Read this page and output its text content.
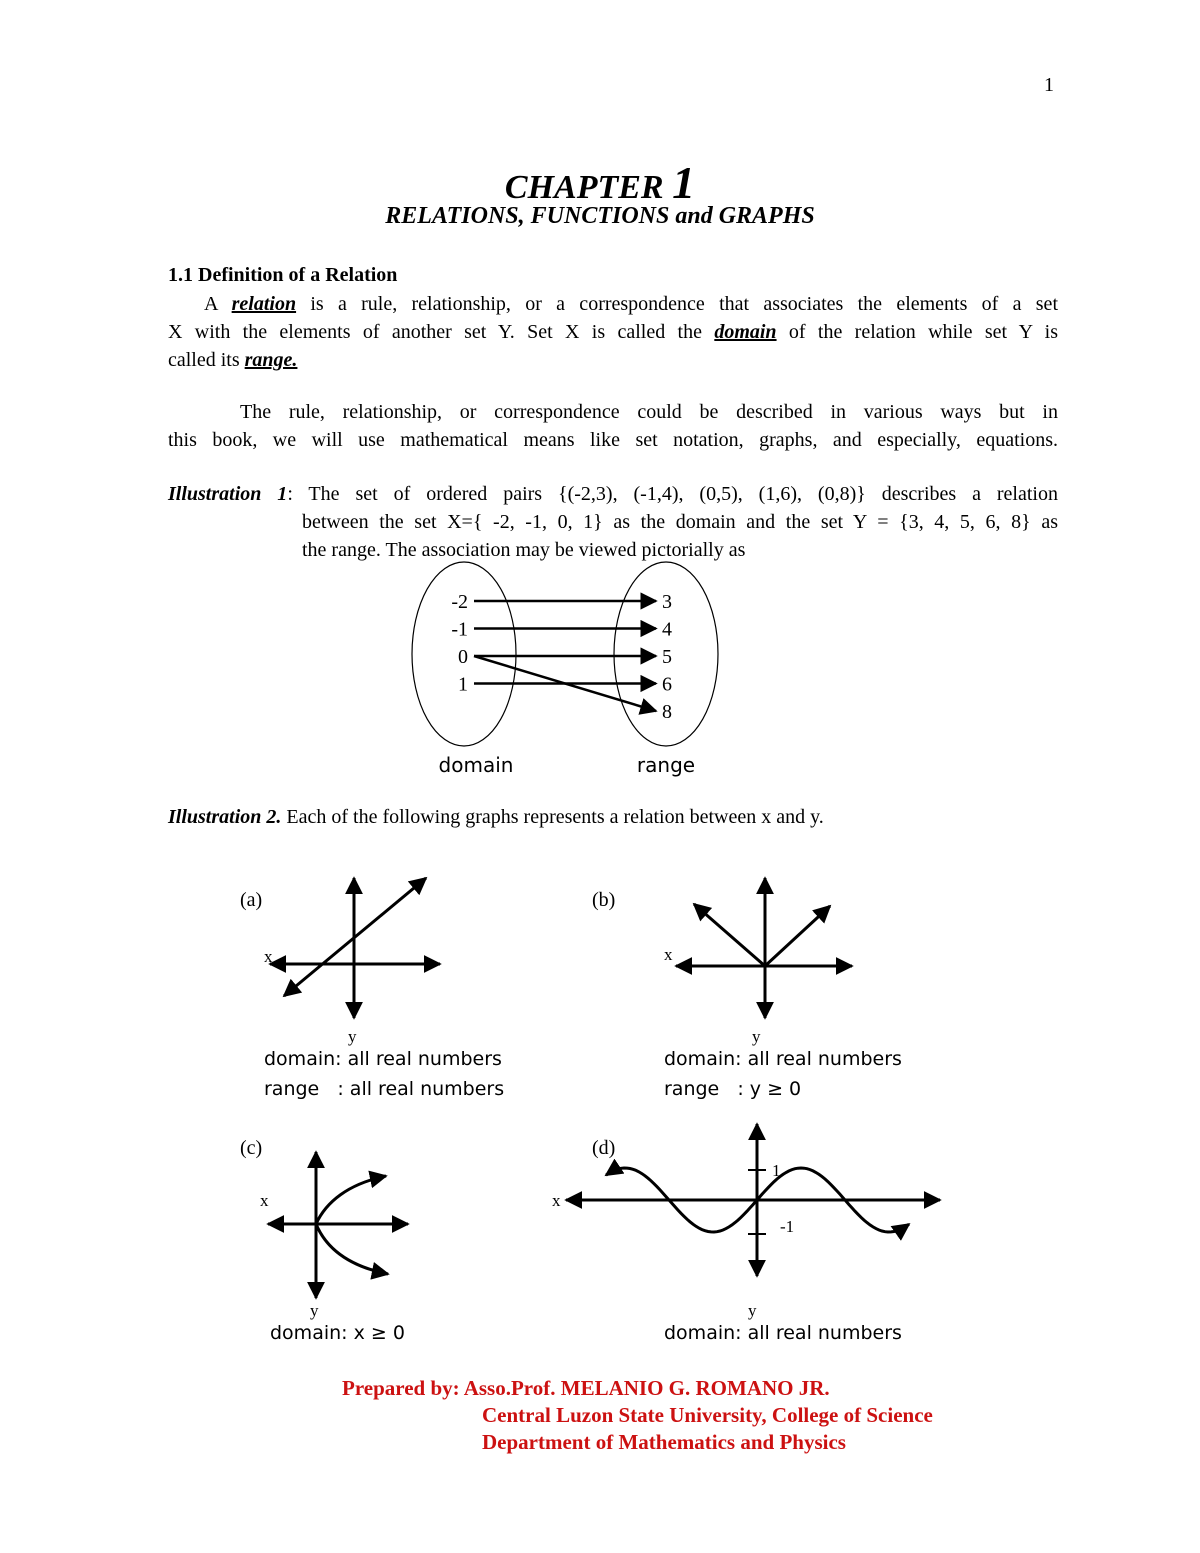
1
CHAPTER 1
RELATIONS, FUNCTIONS and GRAPHS
1.1 Definition of a Relation
A relation is a rule, relationship, or a correspondence that associates the elements of a set
X with the elements of another set Y. Set X is called the domain of the relation while set Y is
called its range.
The rule, relationship, or correspondence could be described in various ways but in
this book, we will use mathematical means like set notation, graphs, and especially, equations.
Illustration 1: The set of ordered pairs {(-2,3), (-1,4), (0,5), (1,6), (0,8)} describes a relation
between the set X={ -2, -1, 0, 1} as the domain and the set Y = {3, 4, 5, 6, 8} as
the range. The association may be viewed pictorially as
-2
-1
0
1
3
4
5
6
8
domain	range
Illustration 2. Each of the following graphs represents a relation between x and y.
(a)
x
y
domain: all real numbers
range   : all real numbers
(b)
x
y
domain: all real numbers
range   : y ≥ 0
(c)
x
y
domain: x ≥ 0
(d)
1
-1
x
y
domain: all real numbers
Prepared by: Asso.Prof. MELANIO G. ROMANO JR.
Central Luzon State University, College of Science
Department of Mathematics and Physics
